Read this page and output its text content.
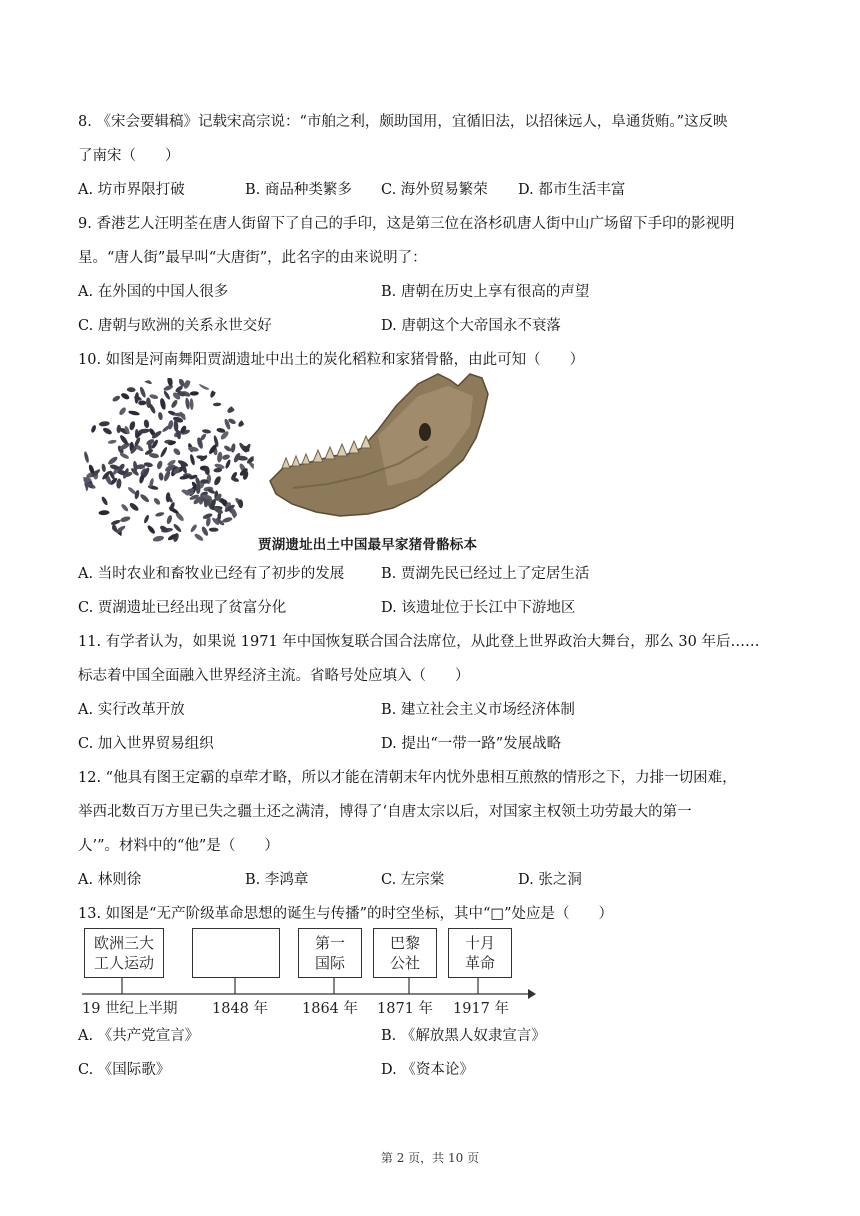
8. 《宋会要辑稿》记载宋高宗说：“市舶之利，颇助国用，宜循旧法，以招徕远人，阜通货贿。”这反映
了南宋（　　）
A. 坊市界限打破	B. 商品种类繁多 C. 海外贸易繁荣 D. 都市生活丰富
9. 香港艺人汪明荃在唐人街留下了自己的手印，这是第三位在洛杉矶唐人街中山广场留下手印的影视明
星。“唐人街”最早叫“大唐街”，此名字的由来说明了：
A. 在外国的中国人很多	B. 唐朝在历史上享有很高的声望
C. 唐朝与欧洲的关系永世交好	D. 唐朝这个大帝国永不衰落
10. 如图是河南舞阳贾湖遗址中出土的炭化稻粒和家猪骨骼，由此可知（　　）
贾湖遗址出土中国最早家猪骨骼标本
A. 当时农业和畜牧业已经有了初步的发展	B. 贾湖先民已经过上了定居生活
C. 贾湖遗址已经出现了贫富分化	D. 该遗址位于长江中下游地区
11. 有学者认为，如果说 1971 年中国恢复联合国合法席位，从此登上世界政治大舞台，那么 30 年后……
标志着中国全面融入世界经济主流。省略号处应填入（　　）
A. 实行改革开放	B. 建立社会主义市场经济体制
C. 加入世界贸易组织	D. 提出“一带一路”发展战略
12. “他具有图王定霸的卓荦才略，所以才能在清朝末年内忧外患相互煎熬的情形之下，力排一切困难，
举西北数百万方里已失之疆土还之满清，博得了‘自唐太宗以后，对国家主权领土功劳最大的第一
人’”。材料中的“他”是（　　）
A. 林则徐	B. 李鸿章	C. 左宗棠	D. 张之洞
13. 如图是“无产阶级革命思想的诞生与传播”的时空坐标，其中“□”处应是（　　）
欧洲三大
工人运动
第一
国际
巴黎
公社
十月
革命
19 世纪上半期 1848 年 1864 年 1871 年 1917 年
A. 《共产党宣言》	B. 《解放黑人奴隶宣言》
C. 《国际歌》	D. 《资本论》
第 2 页，共 10 页
